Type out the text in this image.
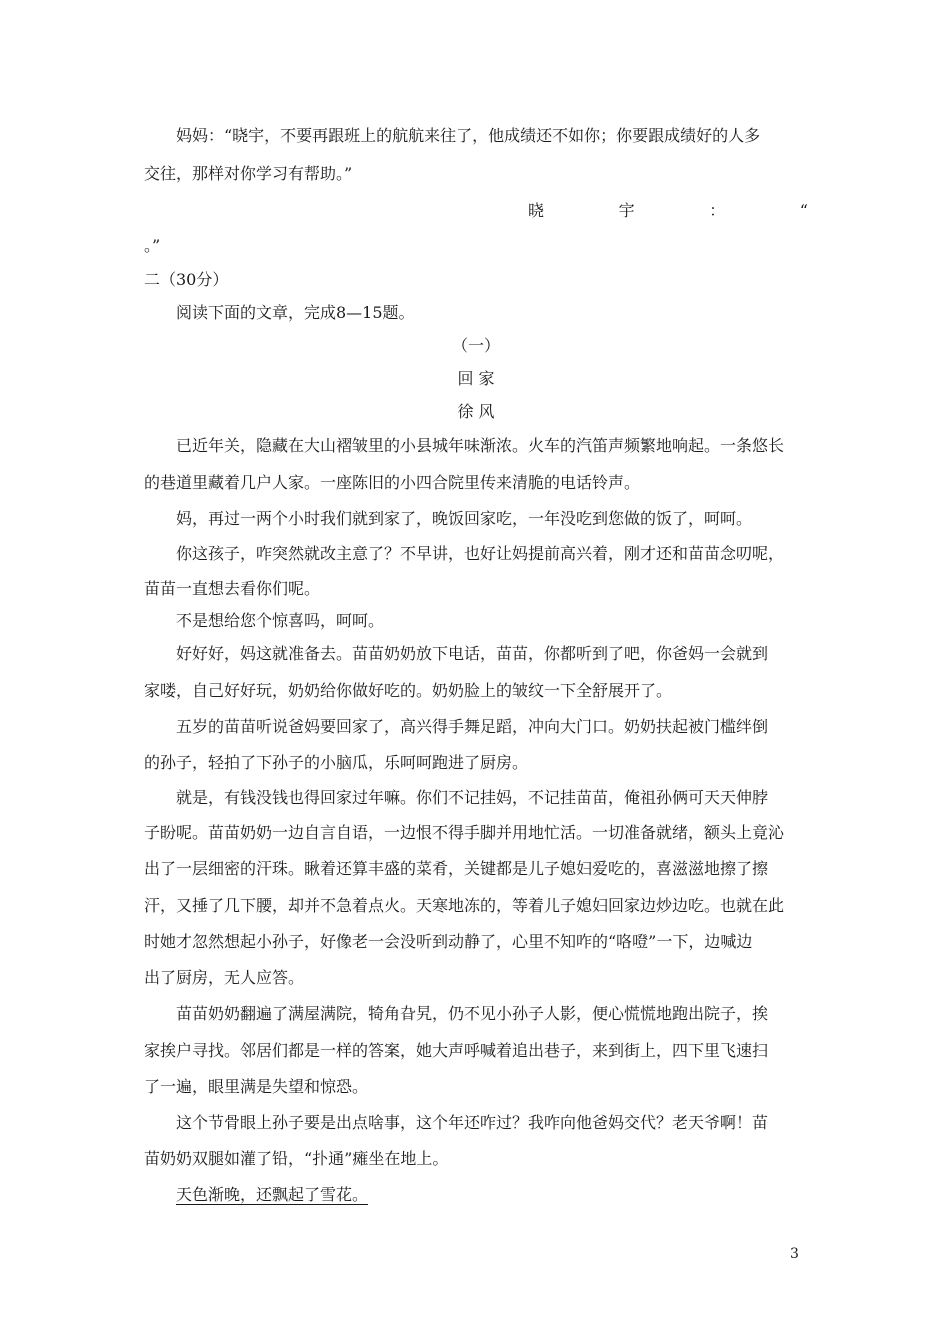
妈妈：“晓宇，不要再跟班上的航航来往了，他成绩还不如你；你要跟成绩好的人多
交往，那样对你学习有帮助。”
晓	宇	：	“
。”
二（30分）
阅读下面的文章，完成8—15题。
（一）
回 家
徐 风
已近年关，隐藏在大山褶皱里的小县城年味渐浓。火车的汽笛声频繁地响起。一条悠长
的巷道里藏着几户人家。一座陈旧的小四合院里传来清脆的电话铃声。
妈，再过一两个小时我们就到家了，晚饭回家吃，一年没吃到您做的饭了，呵呵。
你这孩子，咋突然就改主意了？不早讲，也好让妈提前高兴着，刚才还和苗苗念叨呢，
苗苗一直想去看你们呢。
不是想给您个惊喜吗，呵呵。
好好好，妈这就准备去。苗苗奶奶放下电话，苗苗，你都听到了吧，你爸妈一会就到
家喽，自己好好玩，奶奶给你做好吃的。奶奶脸上的皱纹一下全舒展开了。
五岁的苗苗听说爸妈要回家了，高兴得手舞足蹈，冲向大门口。奶奶扶起被门槛绊倒
的孙子，轻拍了下孙子的小脑瓜，乐呵呵跑进了厨房。
就是，有钱没钱也得回家过年嘛。你们不记挂妈，不记挂苗苗，俺祖孙俩可天天伸脖
子盼呢。苗苗奶奶一边自言自语，一边恨不得手脚并用地忙活。一切准备就绪，额头上竟沁
出了一层细密的汗珠。瞅着还算丰盛的菜肴，关键都是儿子媳妇爱吃的，喜滋滋地擦了擦
汗，又捶了几下腰，却并不急着点火。天寒地冻的，等着儿子媳妇回家边炒边吃。也就在此
时她才忽然想起小孙子，好像老一会没听到动静了，心里不知咋的“咯噔”一下，边喊边
出了厨房，无人应答。
苗苗奶奶翻遍了满屋满院，犄角旮旯，仍不见小孙子人影，便心慌慌地跑出院子，挨
家挨户寻找。邻居们都是一样的答案，她大声呼喊着追出巷子，来到街上，四下里飞速扫
了一遍，眼里满是失望和惊恐。
这个节骨眼上孙子要是出点啥事，这个年还咋过？我咋向他爸妈交代？老天爷啊！苗
苗奶奶双腿如灌了铅，“扑通”瘫坐在地上。
天色渐晚，还飘起了雪花。
3
